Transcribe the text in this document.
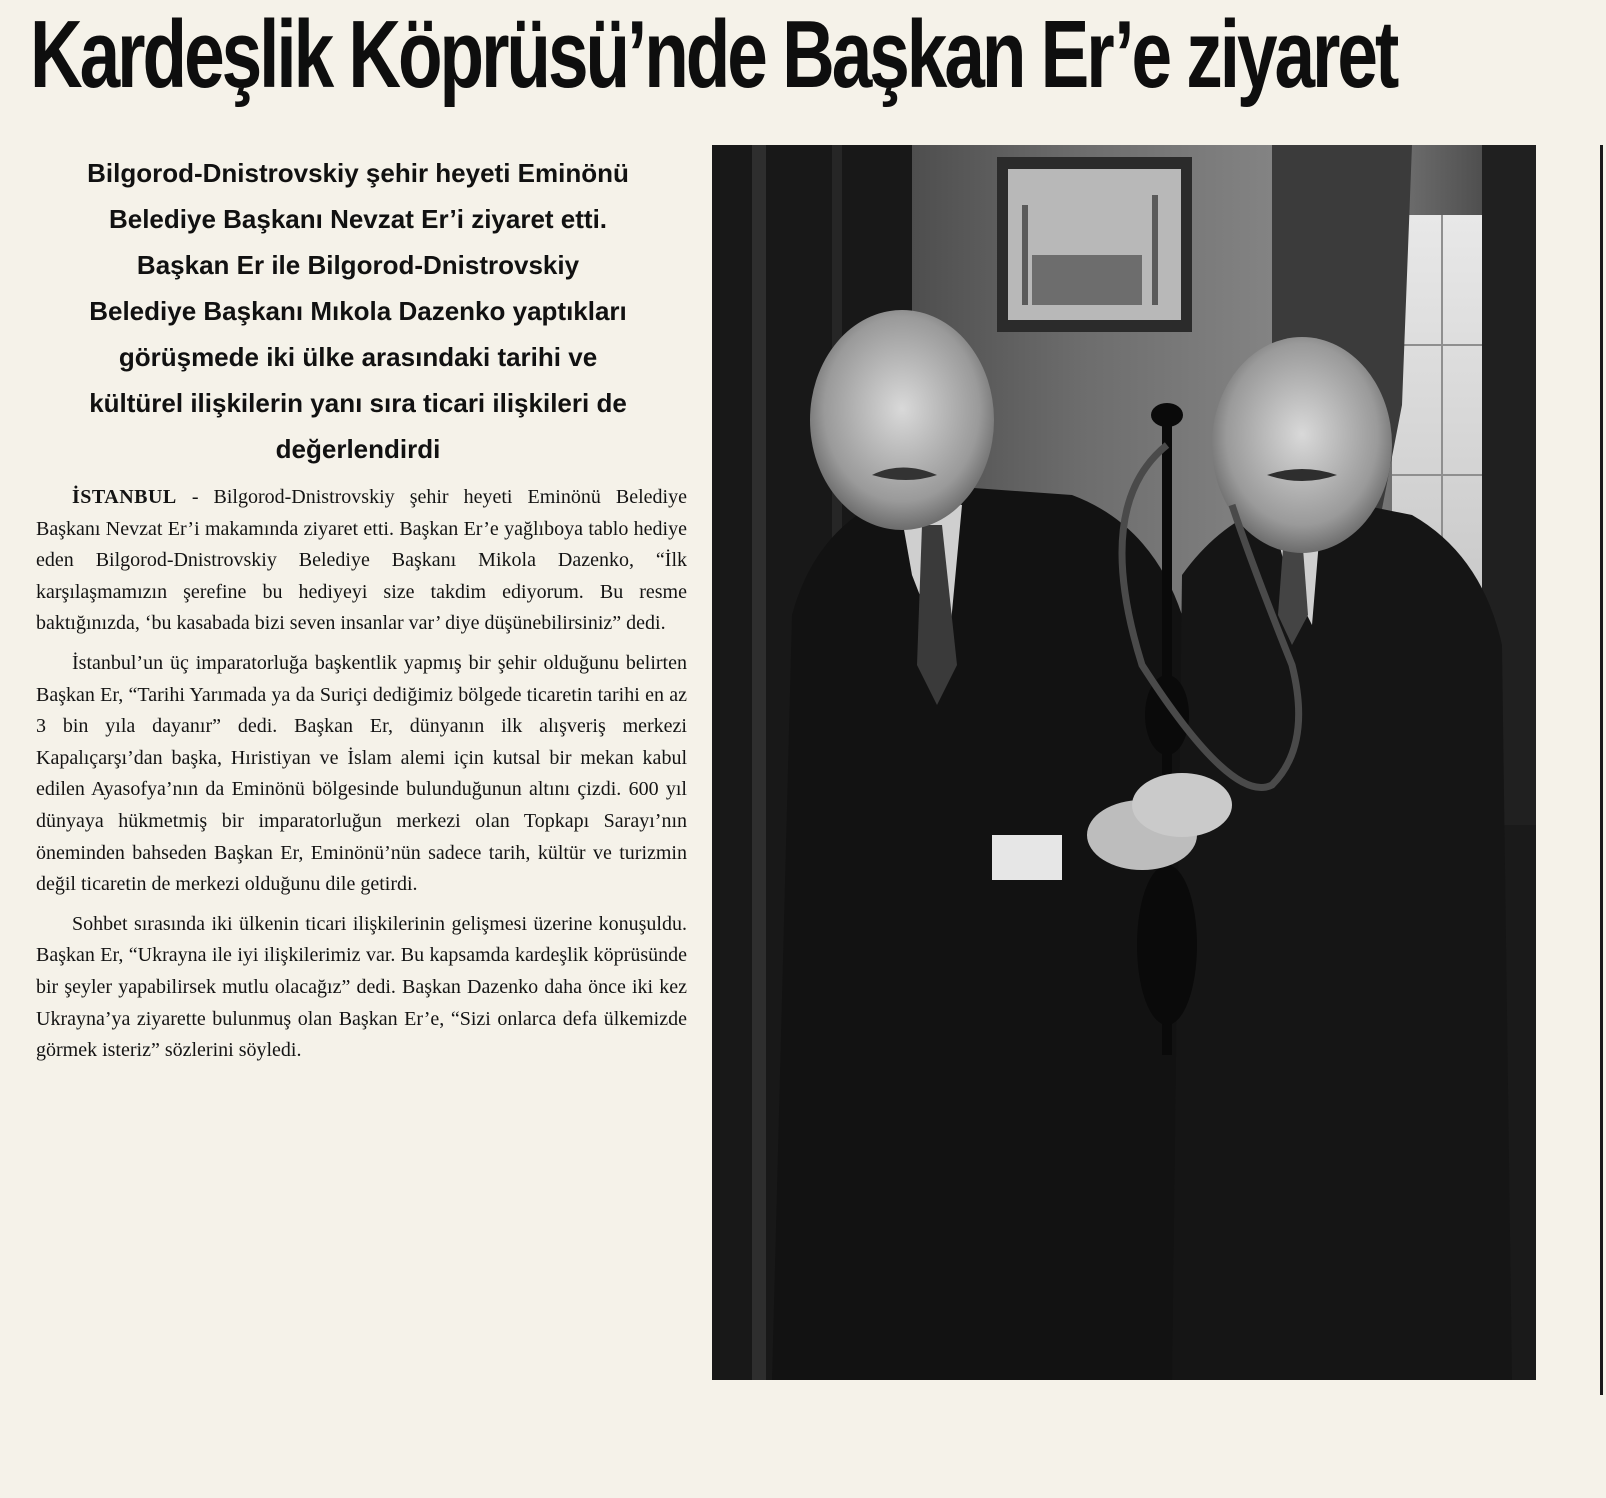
Kardeşlik Köprüsü’nde Başkan Er’e ziyaret
Bilgorod-Dnistrovskiy şehir heyeti Eminönü
Belediye Başkanı Nevzat Er’i ziyaret etti.
Başkan Er ile Bilgorod-Dnistrovskiy
Belediye Başkanı Mıkola Dazenko yaptıkları
görüşmede iki ülke arasındaki tarihi ve
kültürel ilişkilerin yanı sıra ticari ilişkileri de
değerlendirdi

İSTANBUL - Bilgorod-Dnistrovskiy şehir heyeti Eminönü Belediye Başkanı Nevzat Er’i makamında ziyaret etti. Başkan Er’e yağlıboya tablo hediye eden Bilgorod-Dnistrovskiy Belediye Başkanı Mikola Dazenko, “İlk karşılaşmamızın şerefine bu hediyeyi size takdim ediyorum. Bu resme baktığınızda, ‘bu kasabada bizi seven insanlar var’ diye düşünebilirsiniz” dedi.

İstanbul’un üç imparatorluğa başkentlik yapmış bir şehir olduğunu belirten Başkan Er, “Tarihi Yarımada ya da Suriçi dediğimiz bölgede ticaretin tarihi en az 3 bin yıla dayanır” dedi. Başkan Er, dünyanın ilk alışveriş merkezi Kapalıçarşı’dan başka, Hıristiyan ve İslam alemi için kutsal bir mekan kabul edilen Ayasofya’nın da Eminönü bölgesinde bulunduğunun altını çizdi. 600 yıl dünyaya hükmetmiş bir imparatorluğun merkezi olan Topkapı Sarayı’nın öneminden bahseden Başkan Er, Eminönü’nün sadece tarih, kültür ve turizmin değil ticaretin de merkezi olduğunu dile getirdi.

Sohbet sırasında iki ülkenin ticari ilişkilerinin gelişmesi üzerine konuşuldu. Başkan Er, “Ukrayna ile iyi ilişkilerimiz var. Bu kapsamda kardeşlik köprüsünde bir şeyler yapabilirsek mutlu olacağız” dedi. Başkan Dazenko daha önce iki kez Ukrayna’ya ziyarette bulunmuş olan Başkan Er’e, “Sizi onlarca defa ülkemizde görmek isteriz” sözlerini söyledi.
